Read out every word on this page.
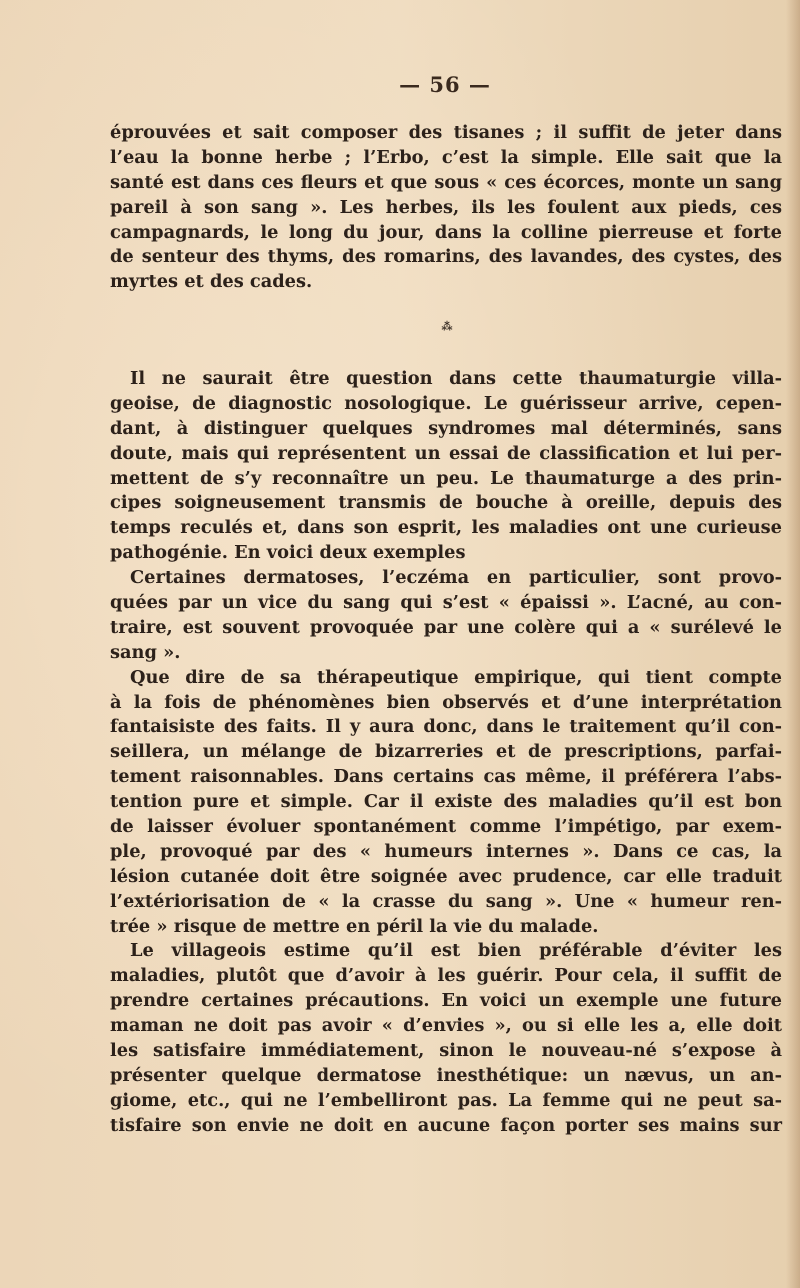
— 56 —
éprouvées et sait composer des tisanes ; il suffit de jeter dans
l’eau la bonne herbe ; l’Erbo, c’est la simple. Elle sait que la
santé est dans ces fleurs et que sous « ces écorces, monte un sang
pareil à son sang ». Les herbes, ils les foulent aux pieds, ces
campagnards, le long du jour, dans la colline pierreuse et forte
de senteur des thyms, des romarins, des lavandes, des cystes, des
myrtes et des cades.
⁂
Il ne saurait être question dans cette thaumaturgie villa-
geoise, de diagnostic nosologique. Le guérisseur arrive, cepen-
dant, à distinguer quelques syndromes mal déterminés, sans
doute, mais qui représentent un essai de classification et lui per-
mettent de s’y reconnaître un peu. Le thaumaturge a des prin-
cipes soigneusement transmis de bouche à oreille, depuis des
temps reculés et, dans son esprit, les maladies ont une curieuse
pathogénie. En voici deux exemples
Certaines dermatoses, l’eczéma en particulier, sont provo-
quées par un vice du sang qui s’est « épaissi ». L’acné, au con-
traire, est souvent provoquée par une colère qui a « surélevé le
sang ».
Que dire de sa thérapeutique empirique, qui tient compte
à la fois de phénomènes bien observés et d’une interprétation
fantaisiste des faits. Il y aura donc, dans le traitement qu’il con-
seillera, un mélange de bizarreries et de prescriptions, parfai-
tement raisonnables. Dans certains cas même, il préférera l’abs-
tention pure et simple. Car il existe des maladies qu’il est bon
de laisser évoluer spontanément comme l’impétigo, par exem-
ple, provoqué par des « humeurs internes ». Dans ce cas, la
lésion cutanée doit être soignée avec prudence, car elle traduit
l’extériorisation de « la crasse du sang ». Une « humeur ren-
trée » risque de mettre en péril la vie du malade.
Le villageois estime qu’il est bien préférable d’éviter les
maladies, plutôt que d’avoir à les guérir. Pour cela, il suffit de
prendre certaines précautions. En voici un exemple une future
maman ne doit pas avoir « d’envies », ou si elle les a, elle doit
les satisfaire immédiatement, sinon le nouveau-né s’expose à
présenter quelque dermatose inesthétique: un nævus, un an-
giome, etc., qui ne l’embelliront pas. La femme qui ne peut sa-
tisfaire son envie ne doit en aucune façon porter ses mains sur
